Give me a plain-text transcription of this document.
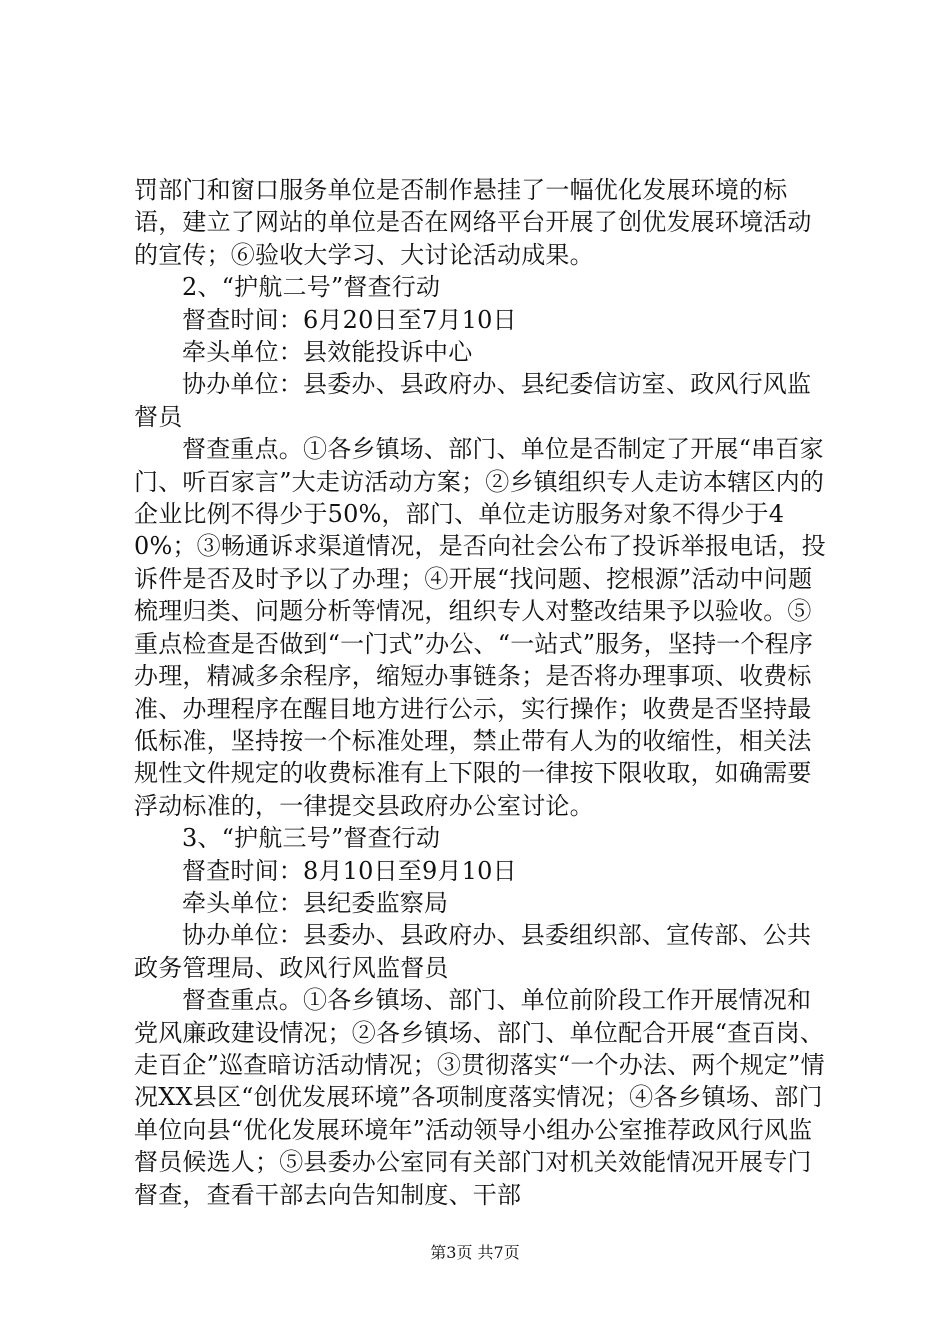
罚部门和窗口服务单位是否制作悬挂了一幅优化发展环境的标语，建立了网站的单位是否在网络平台开展了创优发展环境活动的宣传；⑥验收大学习、大讨论活动成果。

2、“护航二号”督查行动

督查时间：6月20日至7月10日

牵头单位：县效能投诉中心

协办单位：县委办、县政府办、县纪委信访室、政风行风监督员

督查重点。①各乡镇场、部门、单位是否制定了开展“串百家门、听百家言”大走访活动方案；②乡镇组织专人走访本辖区内的企业比例不得少于50%，部门、单位走访服务对象不得少于40%；③畅通诉求渠道情况，是否向社会公布了投诉举报电话，投诉件是否及时予以了办理；④开展“找问题、挖根源”活动中问题梳理归类、问题分析等情况，组织专人对整改结果予以验收。⑤重点检查是否做到“一门式”办公、“一站式”服务，坚持一个程序办理，精减多余程序，缩短办事链条；是否将办理事项、收费标准、办理程序在醒目地方进行公示，实行操作；收费是否坚持最低标准，坚持按一个标准处理，禁止带有人为的收缩性，相关法规性文件规定的收费标准有上下限的一律按下限收取，如确需要浮动标准的，一律提交县政府办公室讨论。

3、“护航三号”督查行动

督查时间：8月10日至9月10日

牵头单位：县纪委监察局

协办单位：县委办、县政府办、县委组织部、宣传部、公共政务管理局、政风行风监督员

督查重点。①各乡镇场、部门、单位前阶段工作开展情况和党风廉政建设情况；②各乡镇场、部门、单位配合开展“查百岗、走百企”巡查暗访活动情况；③贯彻落实“一个办法、两个规定”情况XX县区“创优发展环境”各项制度落实情况；④各乡镇场、部门单位向县“优化发展环境年”活动领导小组办公室推荐政风行风监督员候选人；⑤县委办公室同有关部门对机关效能情况开展专门督查，查看干部去向告知制度、干部

第3页 共7页
